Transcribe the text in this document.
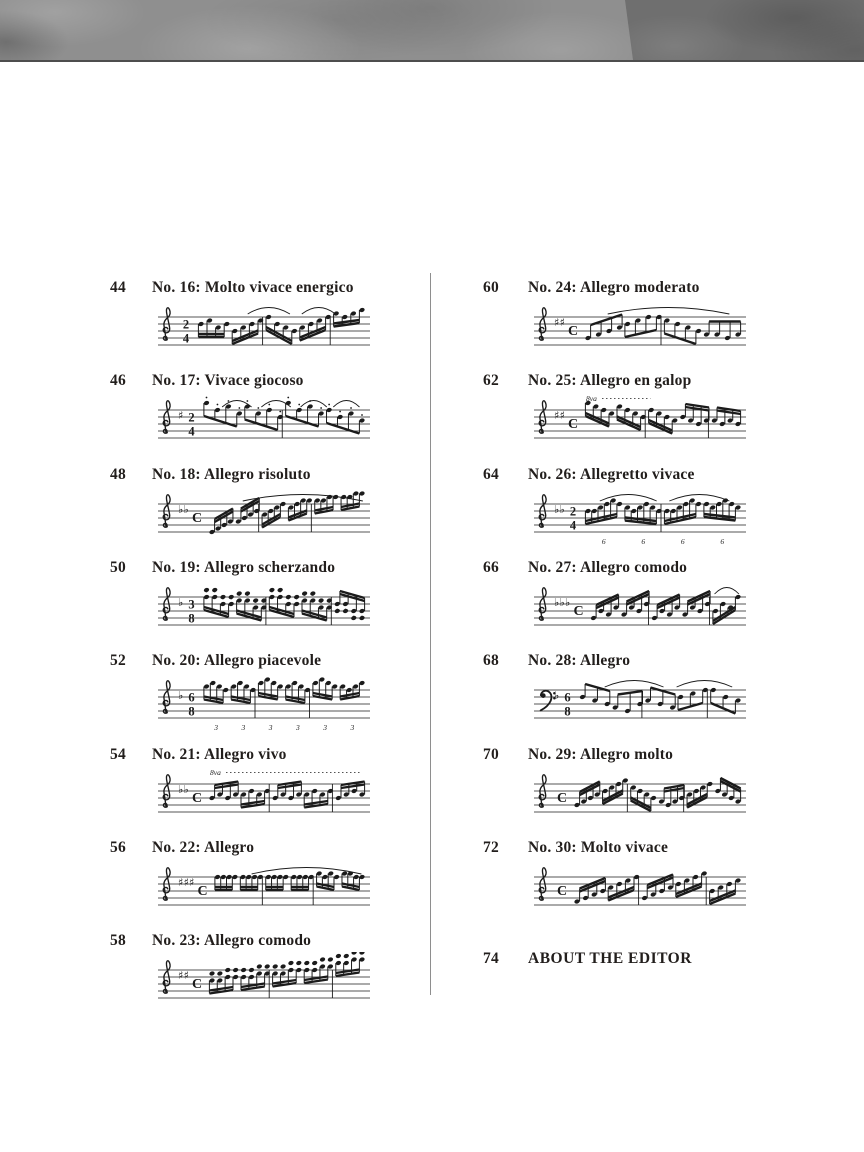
44	No. 16: Molto vivace energico
2
4
46	No. 17: Vivace giocoso
♯ 2
4
48	No. 18: Allegro risoluto
♭ ♭
C
50	No. 19: Allegro scherzando
♭ 3
8
52	No. 20: Allegro piacevole
♭ 6
8
3	3	3	3	3	3
54	No. 21: Allegro vivo
♭ ♭
C
8va
56	No. 22: Allegro
♯ ♯ ♯
C
58	No. 23: Allegro comodo
♯ ♯
C
60	No. 24: Allegro moderato
♯ ♯
C
62	No. 25: Allegro en galop
♯ ♯
C
8va
64	No. 26: Allegretto vivace
♭ ♭ 2
4
6	6	6	6
66	No. 27: Allegro comodo
♭ ♭ ♭
C
68	No. 28: Allegro
♭ 6
8
70	No. 29: Allegro molto
C
72	No. 30: Molto vivace
C
74	ABOUT THE EDITOR
